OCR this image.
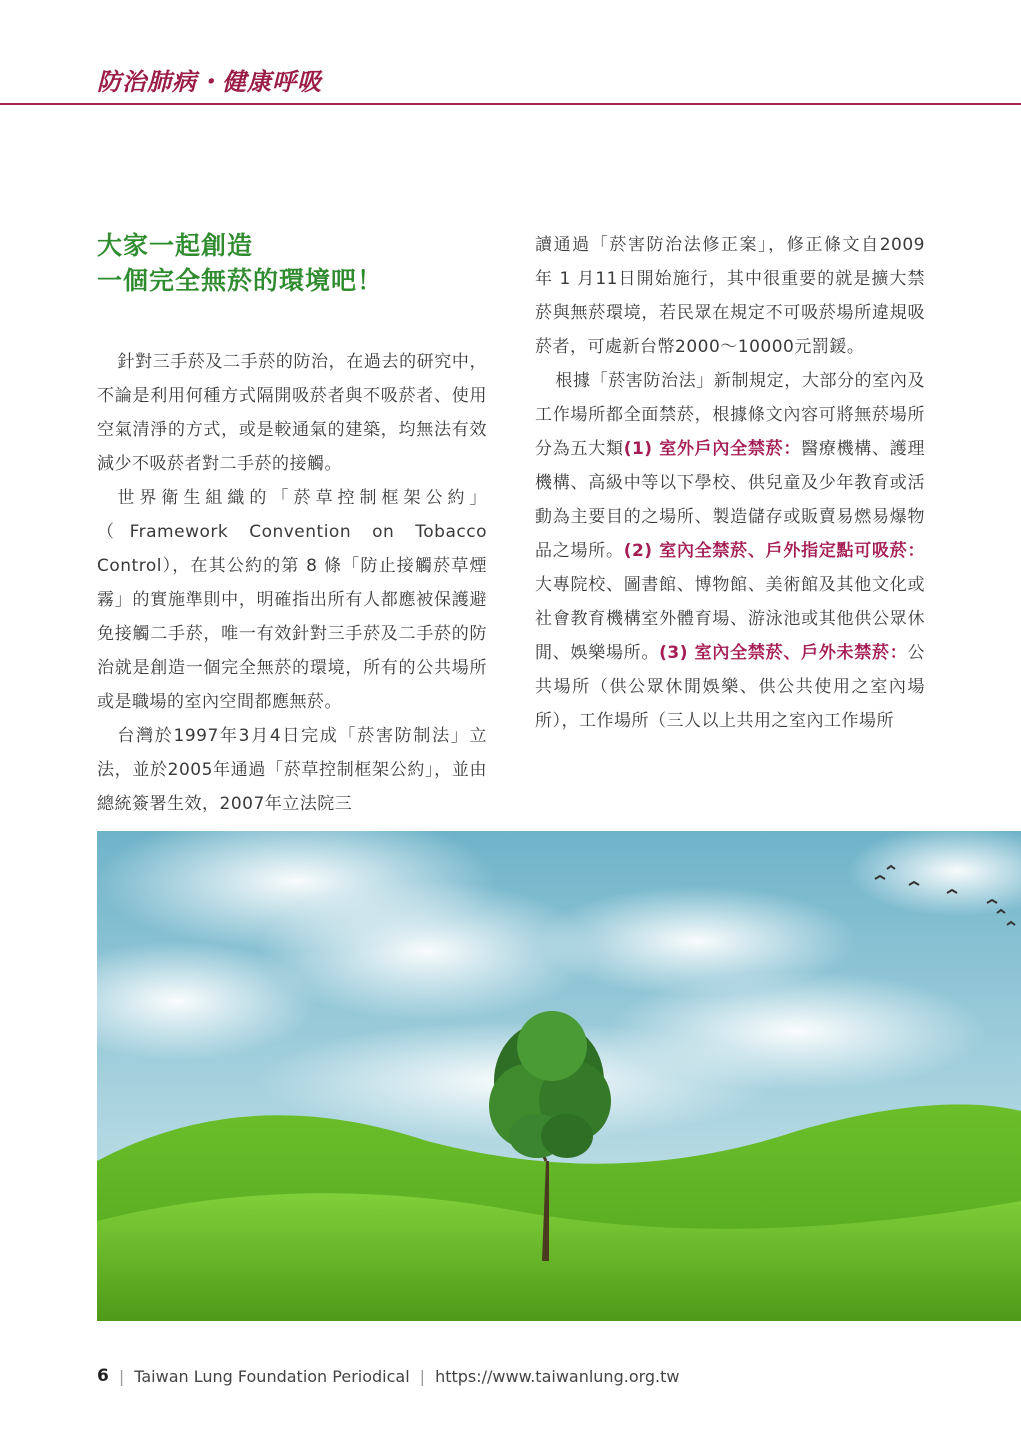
防治肺病・健康呼吸
大家一起創造
一個完全無菸的環境吧！

針對三手菸及二手菸的防治，在過去的研究中，不論是利用何種方式隔開吸菸者與不吸菸者、使用空氣清淨的方式，或是較通氣的建築，均無法有效減少不吸菸者對二手菸的接觸。

世界衛生組織的「菸草控制框架公約」（Framework Convention on Tobacco Control），在其公約的第 8 條「防止接觸菸草煙霧」的實施準則中，明確指出所有人都應被保護避免接觸二手菸，唯一有效針對三手菸及二手菸的防治就是創造一個完全無菸的環境，所有的公共場所或是職場的室內空間都應無菸。

台灣於1997年3月4日完成「菸害防制法」立法，並於2005年通過「菸草控制框架公約」，並由總統簽署生效，2007年立法院三

讀通過「菸害防治法修正案」，修正條文自2009 年 1 月11日開始施行，其中很重要的就是擴大禁菸與無菸環境，若民眾在規定不可吸菸場所違規吸菸者，可處新台幣2000～10000元罰鍰。

根據「菸害防治法」新制規定，大部分的室內及工作場所都全面禁菸，根據條文內容可將無菸場所分為五大類(1) 室外戶內全禁菸：醫療機構、護理機構、高級中等以下學校、供兒童及少年教育或活動為主要目的之場所、製造儲存或販賣易燃易爆物品之場所。(2) 室內全禁菸、戶外指定點可吸菸：大專院校、圖書館、博物館、美術館及其他文化或社會教育機構室外體育場、游泳池或其他供公眾休閒、娛樂場所。(3) 室內全禁菸、戶外未禁菸：公共場所（供公眾休閒娛樂、供公共使用之室內場所），工作場所（三人以上共用之室內工作場所

6 | Taiwan Lung Foundation Periodical | https://www.taiwanlung.org.tw
